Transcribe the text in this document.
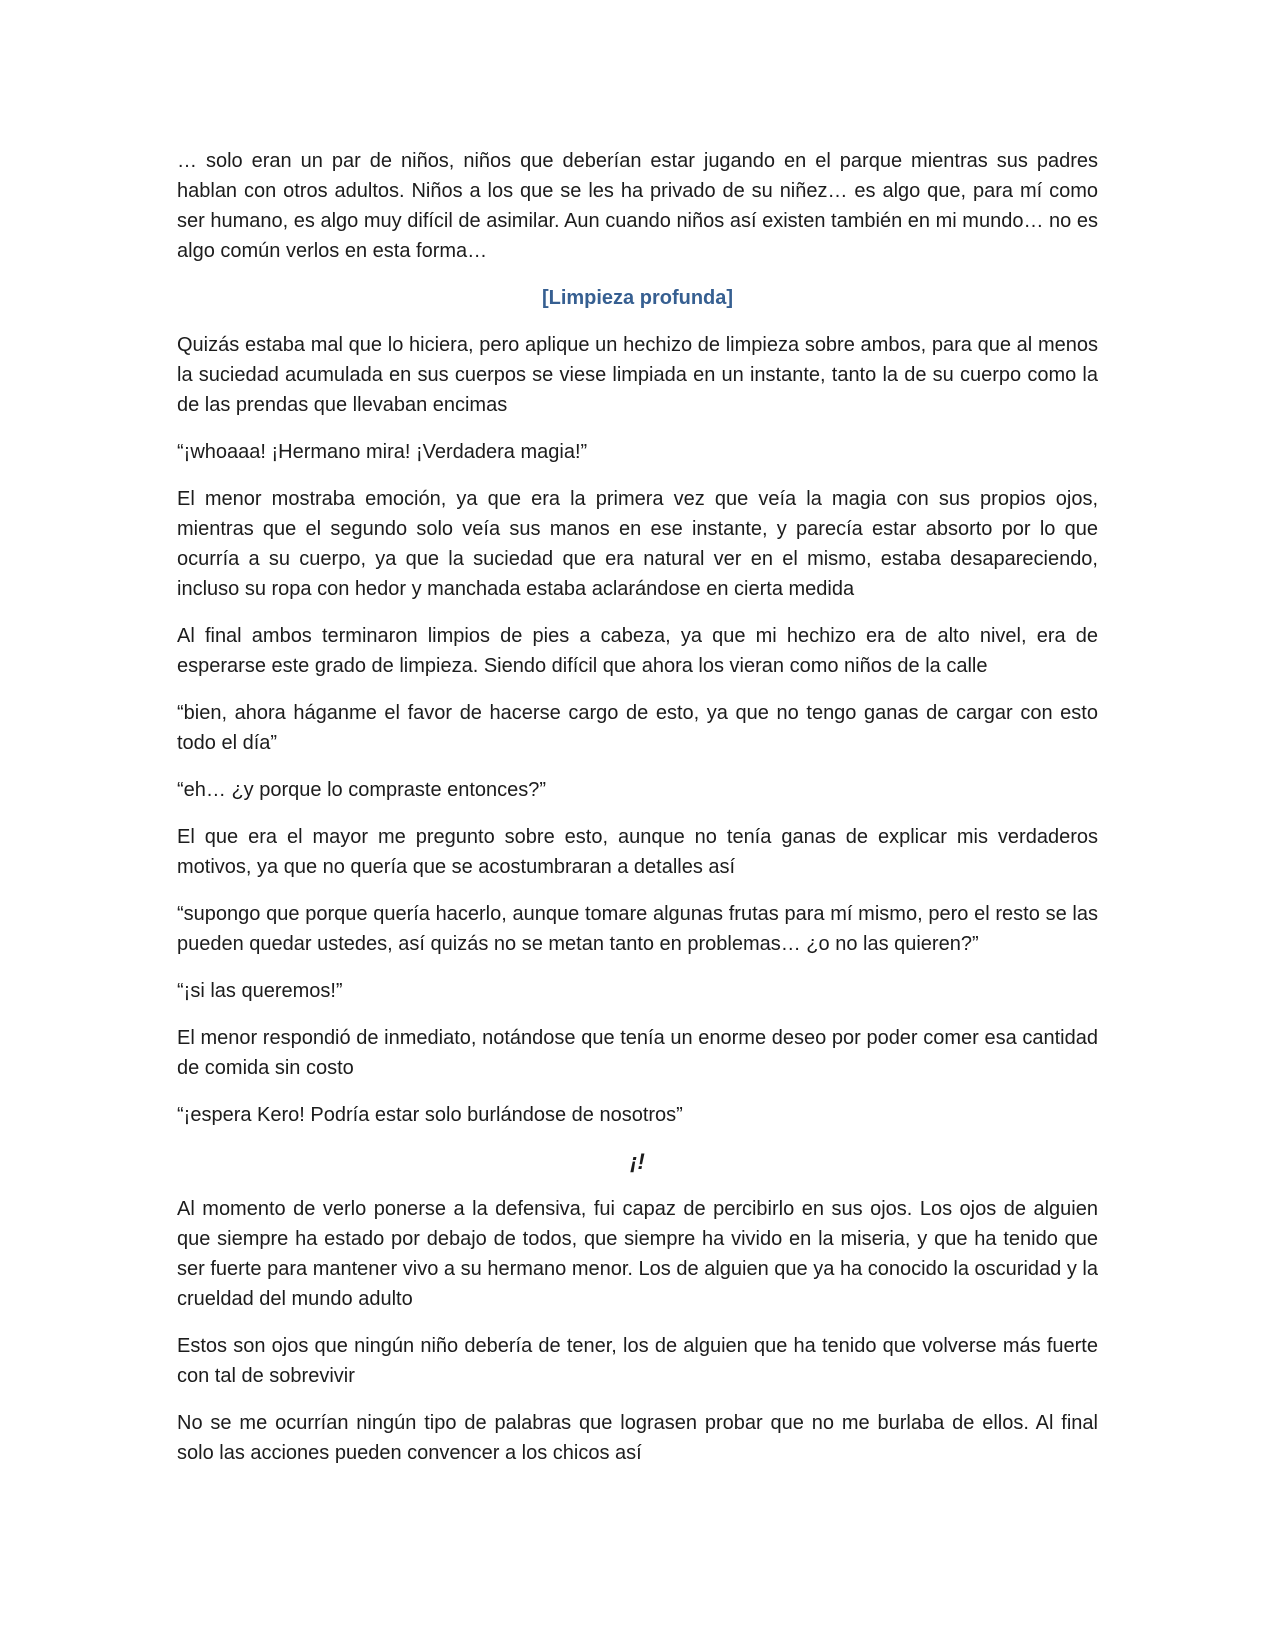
… solo eran un par de niños, niños que deberían estar jugando en el parque mientras sus padres hablan con otros adultos. Niños a los que se les ha privado de su niñez… es algo que, para mí como ser humano, es algo muy difícil de asimilar. Aun cuando niños así existen también en mi mundo… no es algo común verlos en esta forma…

[Limpieza profunda]

Quizás estaba mal que lo hiciera, pero aplique un hechizo de limpieza sobre ambos, para que al menos la suciedad acumulada en sus cuerpos se viese limpiada en un instante, tanto la de su cuerpo como la de las prendas que llevaban encimas

“¡whoaaa! ¡Hermano mira! ¡Verdadera magia!”

El menor mostraba emoción, ya que era la primera vez que veía la magia con sus propios ojos, mientras que el segundo solo veía sus manos en ese instante, y parecía estar absorto por lo que ocurría a su cuerpo, ya que la suciedad que era natural ver en el mismo, estaba desapareciendo, incluso su ropa con hedor y manchada estaba aclarándose en cierta medida

Al final ambos terminaron limpios de pies a cabeza, ya que mi hechizo era de alto nivel, era de esperarse este grado de limpieza. Siendo difícil que ahora los vieran como niños de la calle

“bien, ahora háganme el favor de hacerse cargo de esto, ya que no tengo ganas de cargar con esto todo el día”

“eh… ¿y porque lo compraste entonces?”

El que era el mayor me pregunto sobre esto, aunque no tenía ganas de explicar mis verdaderos motivos, ya que no quería que se acostumbraran a detalles así

“supongo que porque quería hacerlo, aunque tomare algunas frutas para mí mismo, pero el resto se las pueden quedar ustedes, así quizás no se metan tanto en problemas… ¿o no las quieren?”

“¡si las queremos!”

El menor respondió de inmediato, notándose que tenía un enorme deseo por poder comer esa cantidad de comida sin costo

“¡espera Kero! Podría estar solo burlándose de nosotros”

¡!

Al momento de verlo ponerse a la defensiva, fui capaz de percibirlo en sus ojos. Los ojos de alguien que siempre ha estado por debajo de todos, que siempre ha vivido en la miseria, y que ha tenido que ser fuerte para mantener vivo a su hermano menor. Los de alguien que ya ha conocido la oscuridad y la crueldad del mundo adulto

Estos son ojos que ningún niño debería de tener, los de alguien que ha tenido que volverse más fuerte con tal de sobrevivir

No se me ocurrían ningún tipo de palabras que lograsen probar que no me burlaba de ellos. Al final solo las acciones pueden convencer a los chicos así
